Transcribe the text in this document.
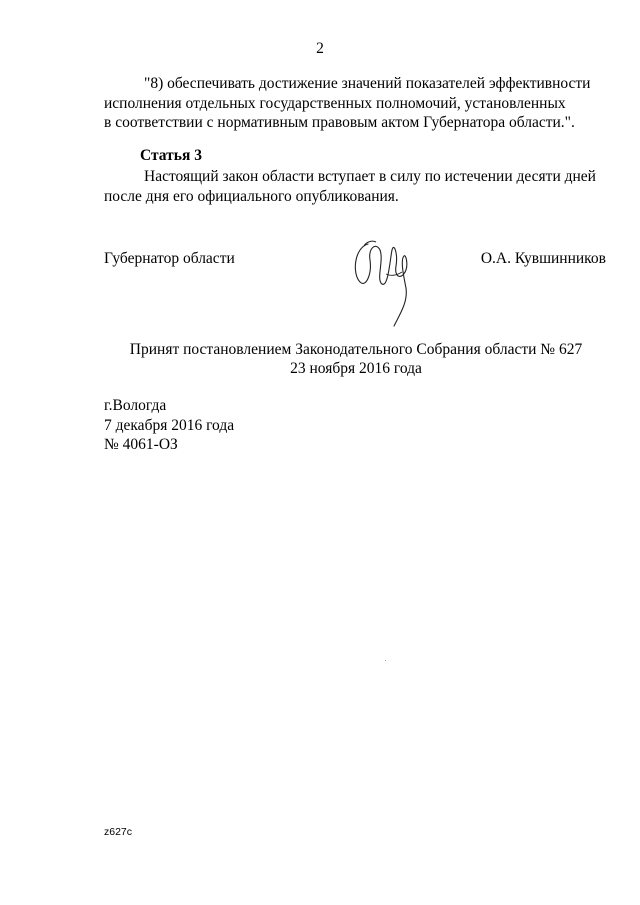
2
"8) обеспечивать достижение значений показателей эффективности
исполнения отдельных государственных полномочий, установленных
в соответствии с нормативным правовым актом Губернатора области.".
Статья 3
Настоящий закон области вступает в силу по истечении десяти дней
после дня его официального опубликования.
Губернатор области	О.А. Кувшинников
Принят постановлением Законодательного Собрания области № 627
23 ноября 2016 года
г.Вологда
7 декабря 2016 года
№ 4061-ОЗ
z627c
